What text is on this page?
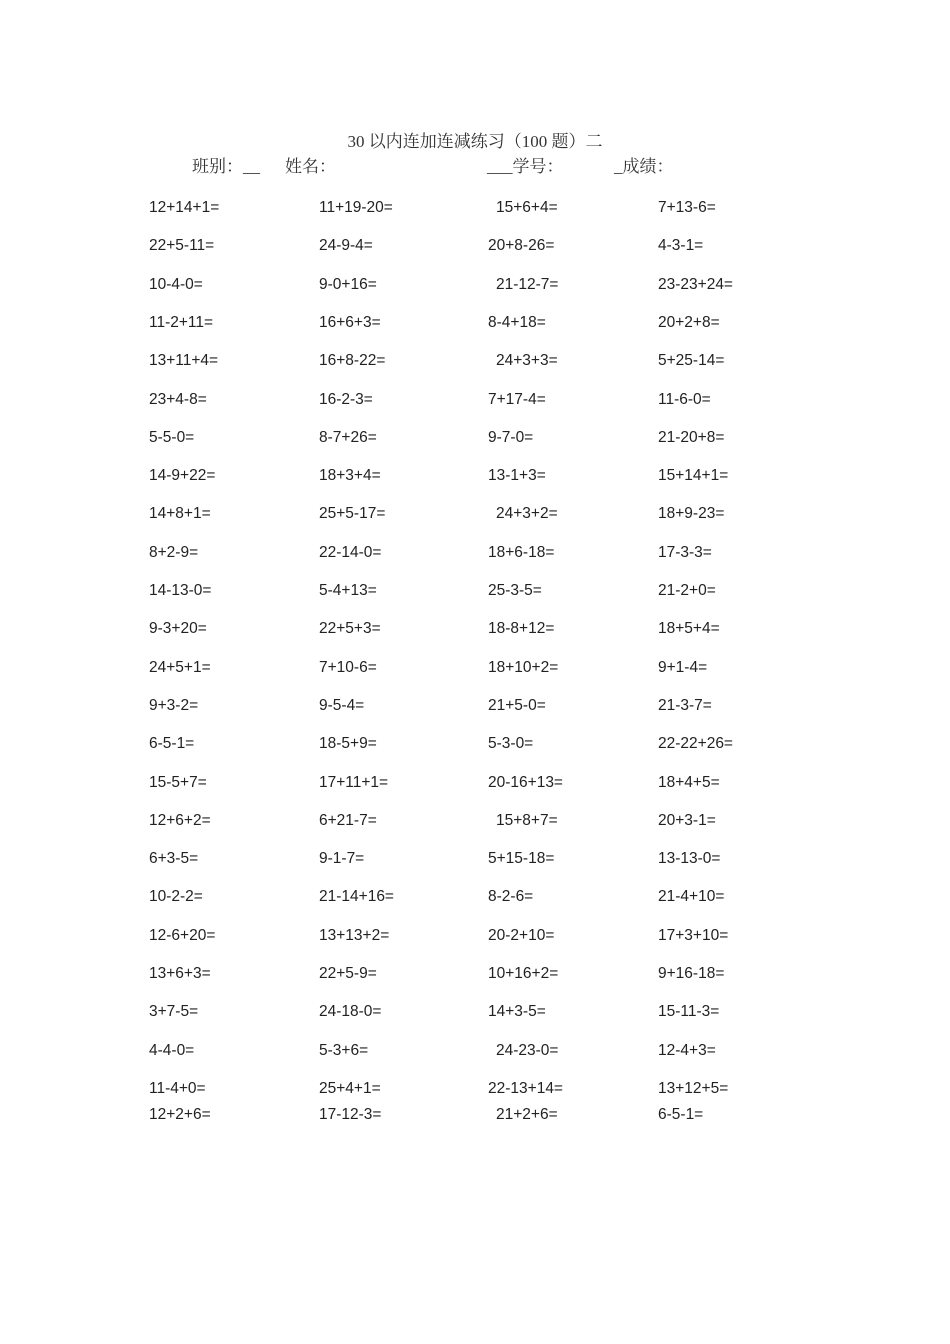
30 以内连加连减练习（100 题）二
班别：__ 姓名：	___学号：	_成绩：
12+14+1=	11+19-20=	15+6+4=	7+13-6=
22+5-11=	24-9-4=	20+8-26=	4-3-1=
10-4-0=	9-0+16=	21-12-7=	23-23+24=
11-2+11=	16+6+3=	8-4+18=	20+2+8=
13+11+4=	16+8-22=	24+3+3=	5+25-14=
23+4-8=	16-2-3=	7+17-4=	11-6-0=
5-5-0=	8-7+26=	9-7-0=	21-20+8=
14-9+22=	18+3+4=	13-1+3=	15+14+1=
14+8+1=	25+5-17=	24+3+2=	18+9-23=
8+2-9=	22-14-0=	18+6-18=	17-3-3=
14-13-0=	5-4+13=	25-3-5=	21-2+0=
9-3+20=	22+5+3=	18-8+12=	18+5+4=
24+5+1=	7+10-6=	18+10+2=	9+1-4=
9+3-2=	9-5-4=	21+5-0=	21-3-7=
6-5-1=	18-5+9=	5-3-0=	22-22+26=
15-5+7=	17+11+1=	20-16+13=	18+4+5=
12+6+2=	6+21-7=	15+8+7=	20+3-1=
6+3-5=	9-1-7=	5+15-18=	13-13-0=
10-2-2=	21-14+16=	8-2-6=	21-4+10=
12-6+20=	13+13+2=	20-2+10=	17+3+10=
13+6+3=	22+5-9=	10+16+2=	9+16-18=
3+7-5=	24-18-0=	14+3-5=	15-11-3=
4-4-0=	5-3+6=	24-23-0=	12-4+3=
11-4+0=	25+4+1=	22-13+14=	13+12+5=
12+2+6=	17-12-3=	21+2+6=	6-5-1=
